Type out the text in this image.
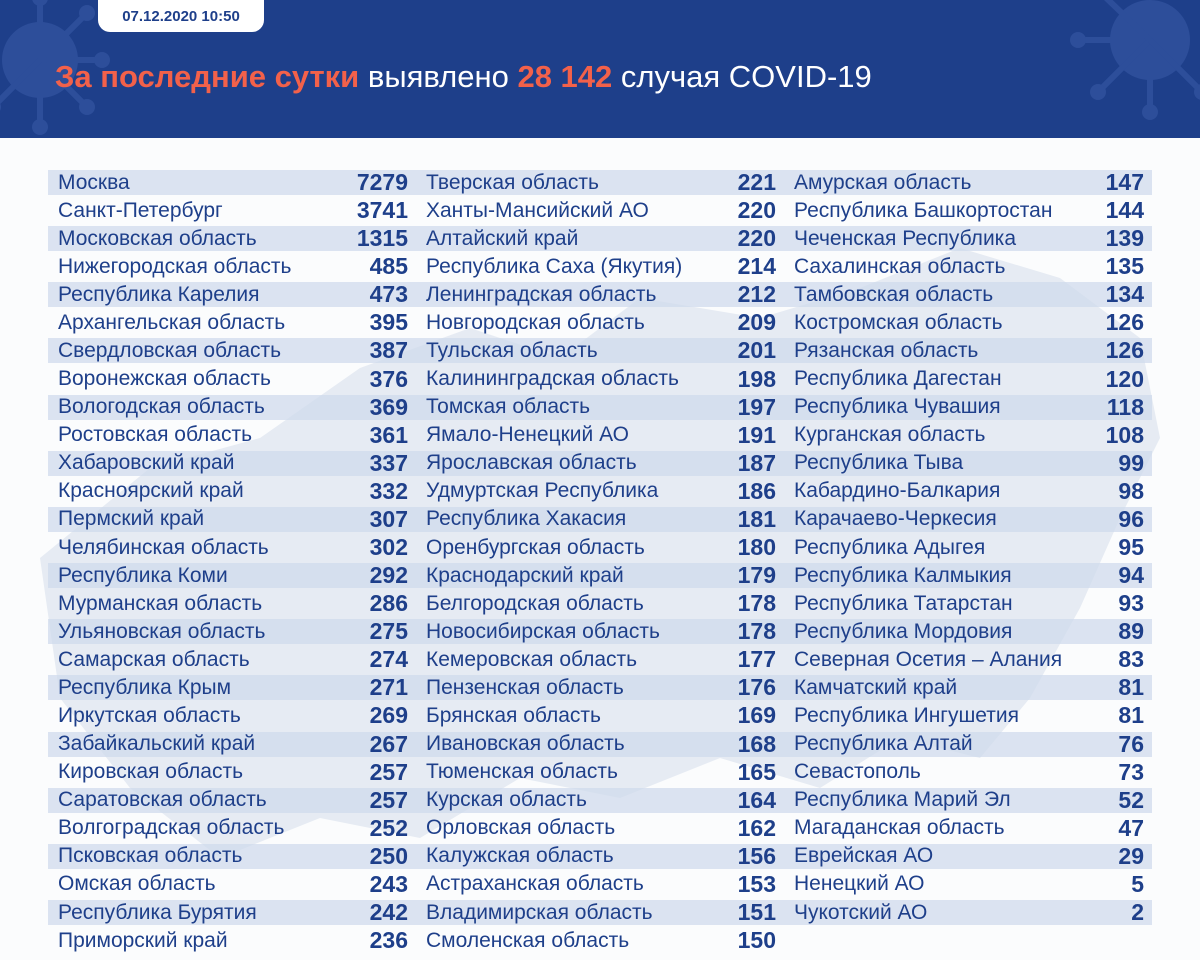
07.12.2020 10:50
За последние сутки выявлено 28 142 случая COVID-19
Москва	7279
Санкт-Петербург	3741
Московская область	1315
Нижегородская область	485
Республика Карелия	473
Архангельская область	395
Свердловская область	387
Воронежская область	376
Вологодская область	369
Ростовская область	361
Хабаровский край	337
Красноярский край	332
Пермский край	307
Челябинская область	302
Республика Коми	292
Мурманская область	286
Ульяновская область	275
Самарская область	274
Республика Крым	271
Иркутская область	269
Забайкальский край	267
Кировская область	257
Саратовская область	257
Волгоградская область	252
Псковская область	250
Омская область	243
Республика Бурятия	242
Приморский край	236
Тверская область	221
Ханты-Мансийский АО	220
Алтайский край	220
Республика Саха (Якутия) 214
Ленинградская область	212
Новгородская область	209
Тульская область	201
Калининградская область	198
Томская область	197
Ямало-Ненецкий АО	191
Ярославская область	187
Удмуртская Республика	186
Республика Хакасия	181
Оренбургская область	180
Краснодарский край	179
Белгородская область	178
Новосибирская область	178
Кемеровская область	177
Пензенская область	176
Брянская область	169
Ивановская область	168
Тюменская область	165
Курская область	164
Орловская область	162
Калужская область	156
Астраханская область	153
Владимирская область	151
Смоленская область	150
Амурская область	147
Республика Башкортостан 144
Чеченская Республика	139
Сахалинская область	135
Тамбовская область	134
Костромская область	126
Рязанская область	126
Республика Дагестан	120
Республика Чувашия	118
Курганская область	108
Республика Тыва	99
Кабардино-Балкария	98
Карачаево-Черкесия	96
Республика Адыгея	95
Республика Калмыкия	94
Республика Татарстан	93
Республика Мордовия	89
Северная Осетия – Алания 83
Камчатский край	81
Республика Ингушетия	81
Республика Алтай	76
Севастополь	73
Республика Марий Эл	52
Магаданская область	47
Еврейская АО	29
Ненецкий АО	5
Чукотский АО	2
